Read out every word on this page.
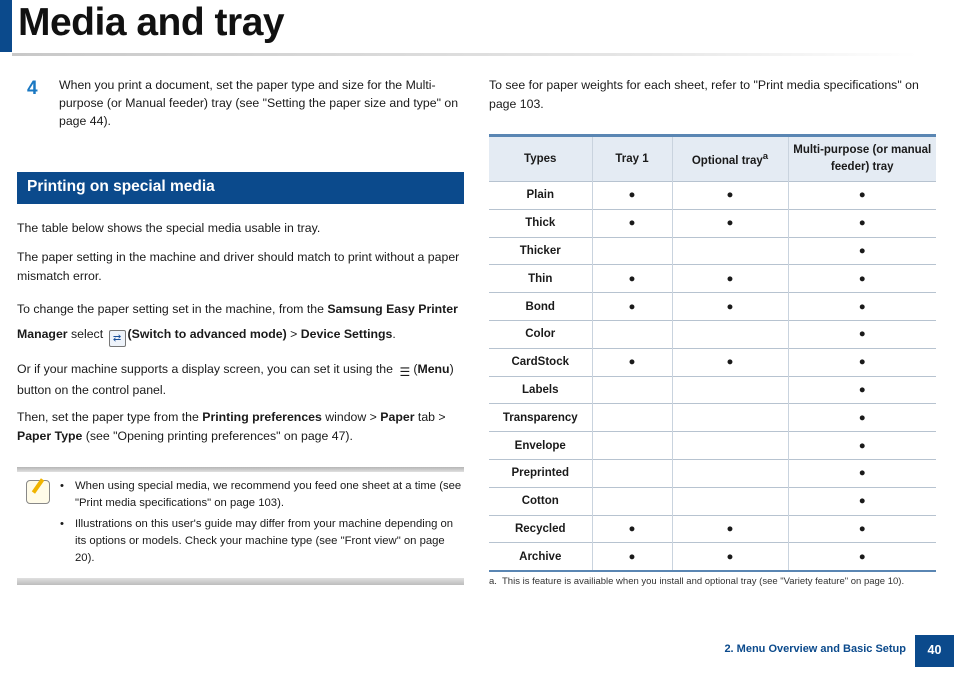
Media and tray
4 When you print a document, set the paper type and size for the Multi-purpose (or Manual feeder) tray (see "Setting the paper size and type" on page 44).
Printing on special media

The table below shows the special media usable in tray.

The paper setting in the machine and driver should match to print without a paper mismatch error.

To change the paper setting set in the machine, from the Samsung Easy Printer Manager select ⇄ (Switch to advanced mode) > Device Settings.

Or if your machine supports a display screen, you can set it using the ☰ (Menu) button on the control panel.

Then, set the paper type from the Printing preferences window > Paper tab > Paper Type (see "Opening printing preferences" on page 47).

• When using special media, we recommend you feed one sheet at a time (see "Print media specifications" on page 103).
• Illustrations on this user's guide may differ from your machine depending on its options or models. Check your machine type (see "Front view" on page 20).

To see for paper weights for each sheet, refer to "Print media specifications" on page 103.

Types	Tray 1	Optional tray$^a$	Multi-purpose (or manual feeder) tray
Plain	●	●	●
Thick	●	●	●
Thicker			●
Thin	●	●	●
Bond	●	●	●
Color			●
CardStock	●	●	●
Labels			●
Transparency			●
Envelope			●
Preprinted			●
Cotton			●
Recycled	●	●	●
Archive	●	●	●
a. This is feature is availiable when you install and optional tray (see "Variety feature" on page 10).
2. Menu Overview and Basic Setup	40
